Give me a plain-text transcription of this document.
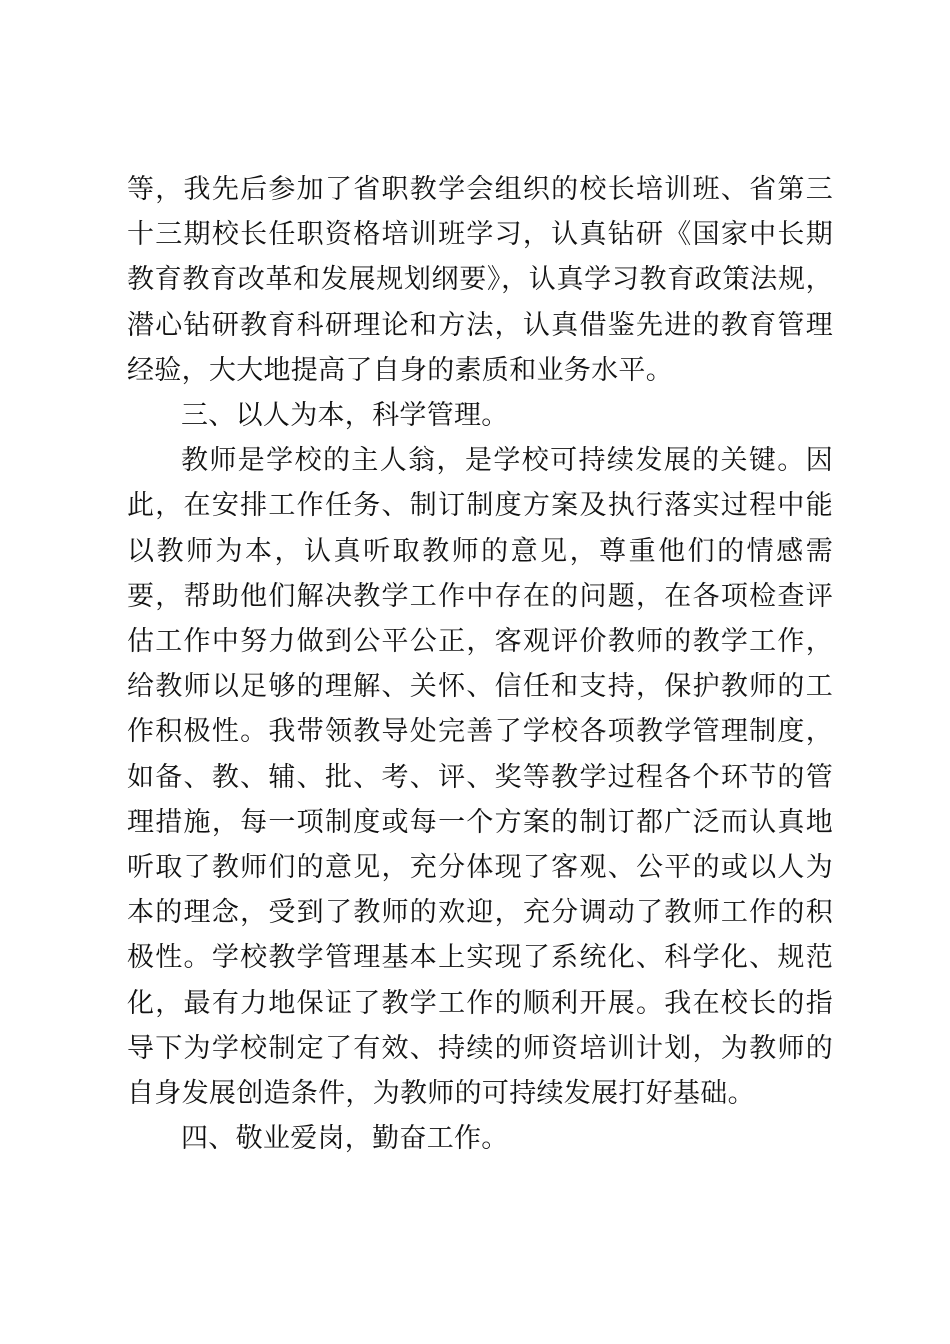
等，我先后参加了省职教学会组织的校长培训班、省第三十三期校长任职资格培训班学习，认真钻研《国家中长期教育教育改革和发展规划纲要》，认真学习教育政策法规，潜心钻研教育科研理论和方法，认真借鉴先进的教育管理经验，大大地提高了自身的素质和业务水平。

三、以人为本，科学管理。

教师是学校的主人翁，是学校可持续发展的关键。因此，在安排工作任务、制订制度方案及执行落实过程中能以教师为本，认真听取教师的意见，尊重他们的情感需要，帮助他们解决教学工作中存在的问题，在各项检查评估工作中努力做到公平公正，客观评价教师的教学工作，给教师以足够的理解、关怀、信任和支持，保护教师的工作积极性。我带领教导处完善了学校各项教学管理制度，如备、教、辅、批、考、评、奖等教学过程各个环节的管理措施，每一项制度或每一个方案的制订都广泛而认真地听取了教师们的意见，充分体现了客观、公平的或以人为本的理念，受到了教师的欢迎，充分调动了教师工作的积极性。学校教学管理基本上实现了系统化、科学化、规范化，最有力地保证了教学工作的顺利开展。我在校长的指导下为学校制定了有效、持续的师资培训计划，为教师的自身发展创造条件，为教师的可持续发展打好基础。

四、敬业爱岗，勤奋工作。
